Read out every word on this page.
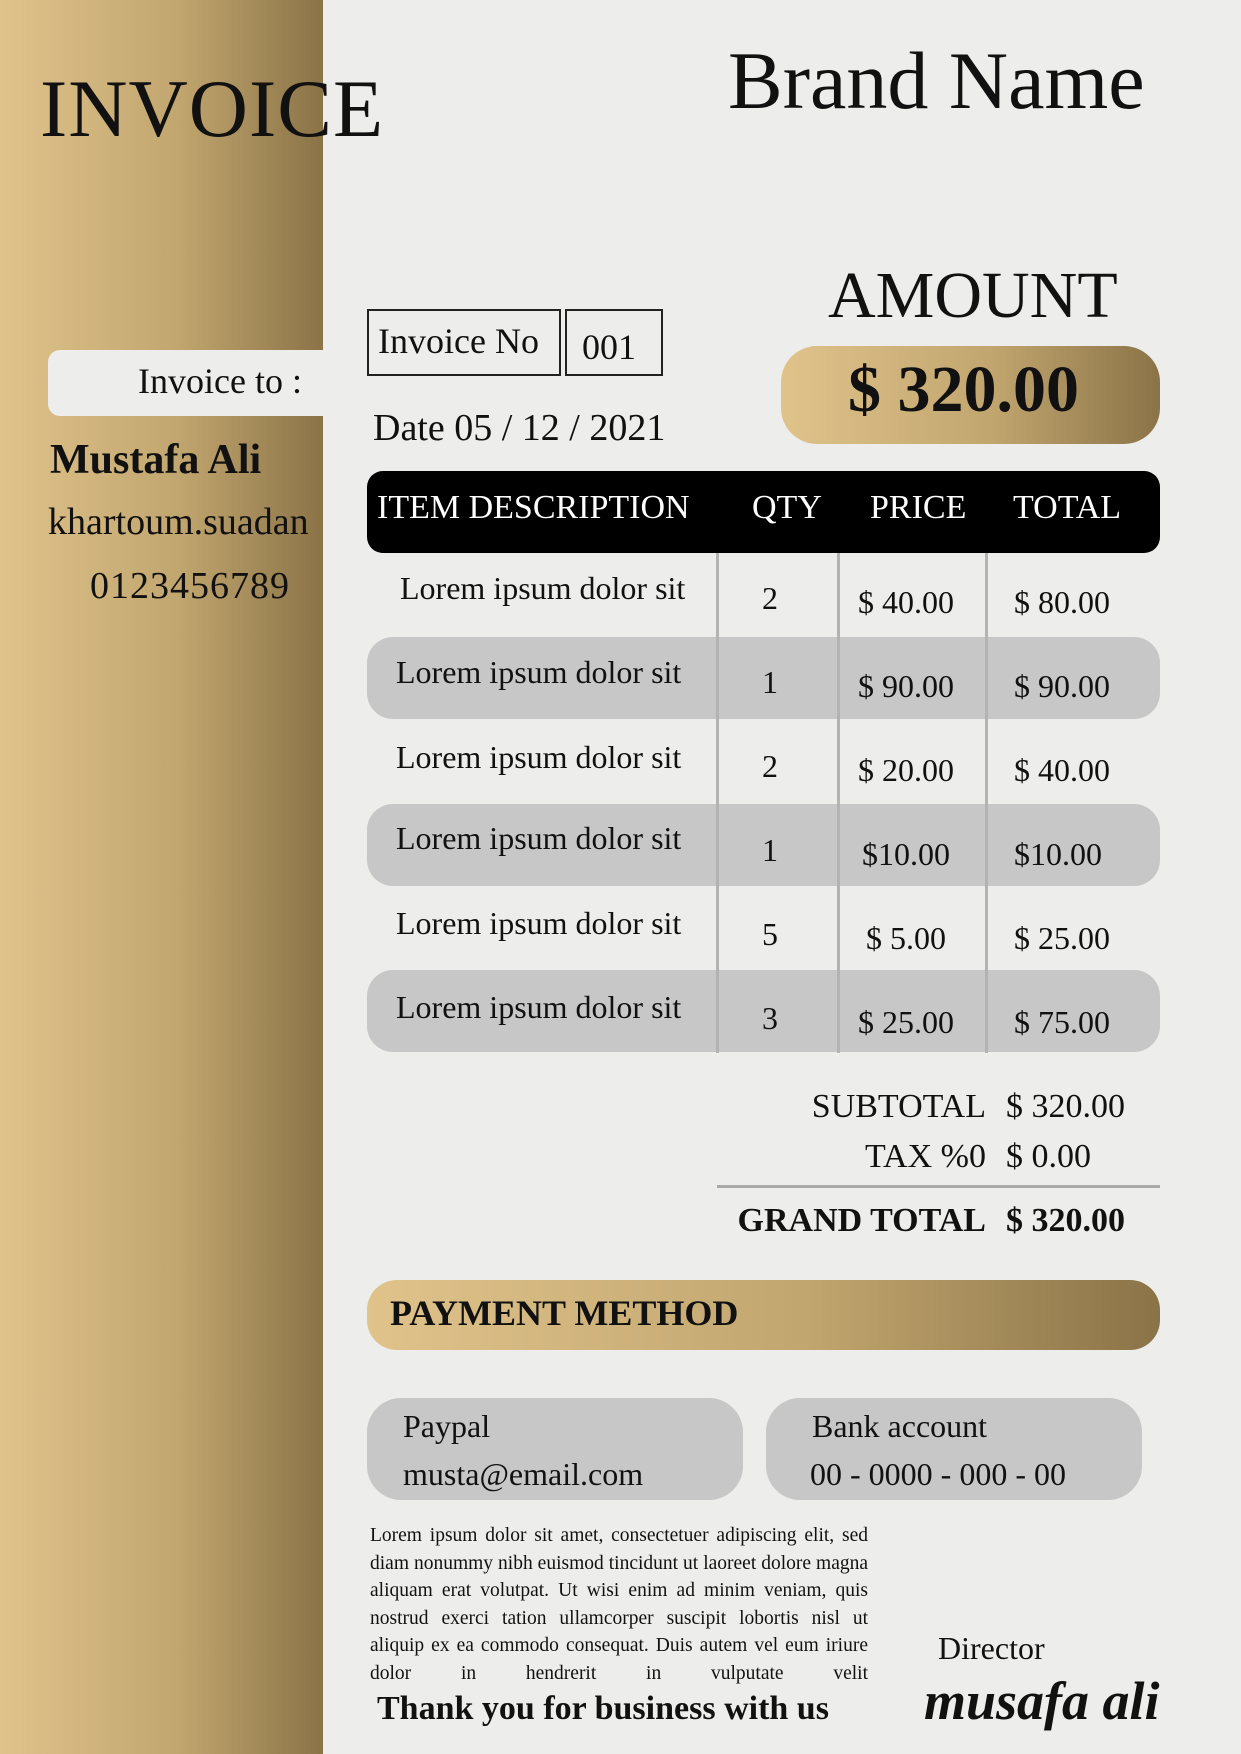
INVOICE	Brand Name
Invoice to :
Mustafa Ali
khartoum.suadan
0123456789
Invoice No 001
Date 05 / 12 / 2021
AMOUNT
$ 320.00
ITEM DESCRIPTION QTY PRICE TOTAL
Lorem ipsum dolor sit 2	$ 40.00 $ 80.00
Lorem ipsum dolor sit	1	$ 90.00 $ 90.00
Lorem ipsum dolor sit	2	$ 20.00 $ 40.00
Lorem ipsum dolor sit	1	$10.00 $10.00
Lorem ipsum dolor sit	5	$ 5.00 $ 25.00
Lorem ipsum dolor sit	3	$ 25.00 $ 75.00
SUBTOTAL $ 320.00
TAX %0 $ 0.00
GRAND TOTAL $ 320.00
PAYMENT METHOD
Paypal
musta@email.com
Bank account
00 - 0000 - 000 - 00
Lorem ipsum dolor sit amet, consectetuer adipiscing elit, sed diam nonummy nibh euismod tincidunt ut laoreet dolore magna aliquam erat volutpat. Ut wisi enim ad minim veniam, quis nostrud exerci tation ullamcorper suscipit lobortis nisl ut aliquip ex ea commodo consequat. Duis autem vel eum iriure dolor in hendrerit in vulputate velit
Thank you for business with us
Director
musafa ali
